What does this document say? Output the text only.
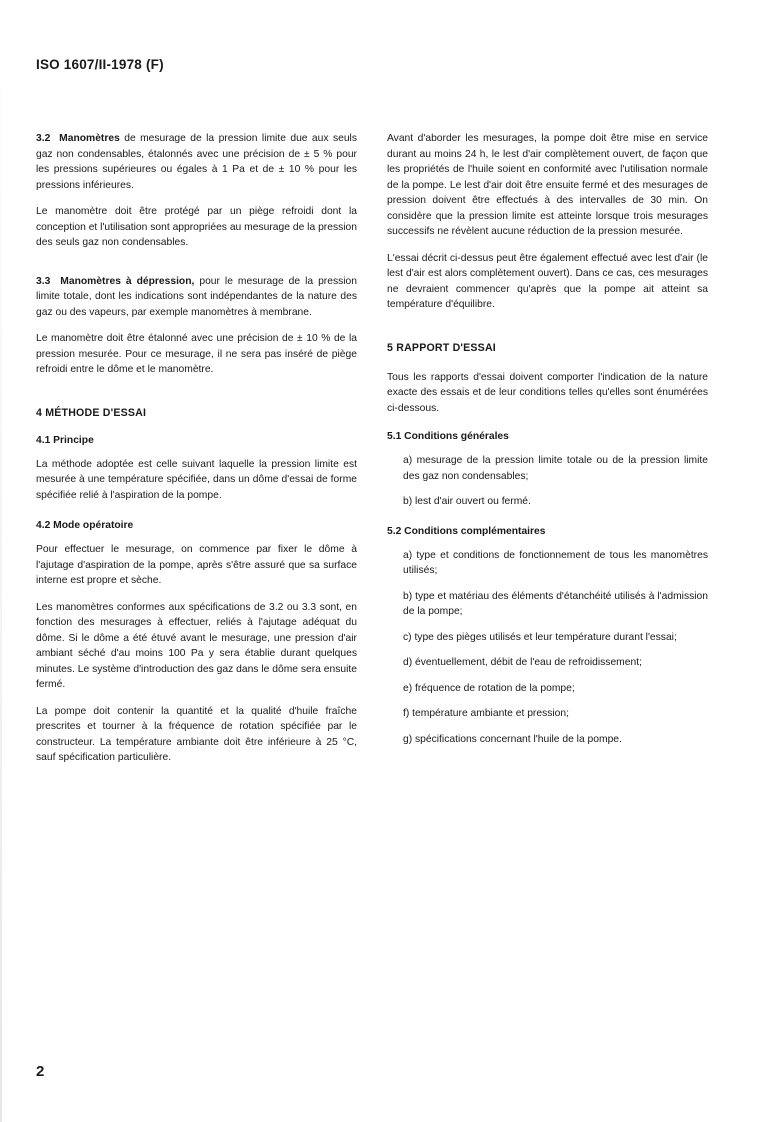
ISO 1607/II-1978 (F)

3.2 Manomètres de mesurage de la pression limite due aux seuls gaz non condensables, étalonnés avec une précision de ± 5 % pour les pressions supérieures ou égales à 1 Pa et de ± 10 % pour les pressions inférieures.

Le manomètre doit être protégé par un piège refroidi dont la conception et l'utilisation sont appropriées au mesurage de la pression des seuls gaz non condensables.

3.3 Manomètres à dépression, pour le mesurage de la pression limite totale, dont les indications sont indépendantes de la nature des gaz ou des vapeurs, par exemple manomètres à membrane.

Le manomètre doit être étalonné avec une précision de ± 10 % de la pression mesurée. Pour ce mesurage, il ne sera pas inséré de piège refroidi entre le dôme et le manomètre.

4 MÉTHODE D'ESSAI
4.1 Principe

La méthode adoptée est celle suivant laquelle la pression limite est mesurée à une température spécifiée, dans un dôme d'essai de forme spécifiée relié à l'aspiration de la pompe.

4.2 Mode opératoire

Pour effectuer le mesurage, on commence par fixer le dôme à l'ajutage d'aspiration de la pompe, après s'être assuré que sa surface interne est propre et sèche.

Les manomètres conformes aux spécifications de 3.2 ou 3.3 sont, en fonction des mesurages à effectuer, reliés à l'ajutage adéquat du dôme. Si le dôme a été étuvé avant le mesurage, une pression d'air ambiant séché d'au moins 100 Pa y sera établie durant quelques minutes. Le système d'introduction des gaz dans le dôme sera ensuite fermé.

La pompe doit contenir la quantité et la qualité d'huile fraîche prescrites et tourner à la fréquence de rotation spécifiée par le constructeur. La température ambiante doit être inférieure à 25 °C, sauf spécification particulière.

Avant d'aborder les mesurages, la pompe doit être mise en service durant au moins 24 h, le lest d'air complètement ouvert, de façon que les propriétés de l'huile soient en conformité avec l'utilisation normale de la pompe. Le lest d'air doit être ensuite fermé et des mesurages de pression doivent être effectués à des intervalles de 30 min. On considère que la pression limite est atteinte lorsque trois mesurages successifs ne révèlent aucune réduction de la pression mesurée.

L'essai décrit ci-dessus peut être également effectué avec lest d'air (le lest d'air est alors complètement ouvert). Dans ce cas, ces mesurages ne devraient commencer qu'après que la pompe ait atteint sa température d'équilibre.

5 RAPPORT D'ESSAI

Tous les rapports d'essai doivent comporter l'indication de la nature exacte des essais et de leur conditions telles qu'elles sont énumérées ci-dessous.

5.1 Conditions générales
a) mesurage de la pression limite totale ou de la pression limite des gaz non condensables;
b) lest d'air ouvert ou fermé.
5.2 Conditions complémentaires
a) type et conditions de fonctionnement de tous les manomètres utilisés;
b) type et matériau des éléments d'étanchéité utilisés à l'admission de la pompe;
c) type des pièges utilisés et leur température durant l'essai;
d) éventuellement, débit de l'eau de refroidissement;
e) fréquence de rotation de la pompe;
f) température ambiante et pression;
g) spécifications concernant l'huile de la pompe.
2
